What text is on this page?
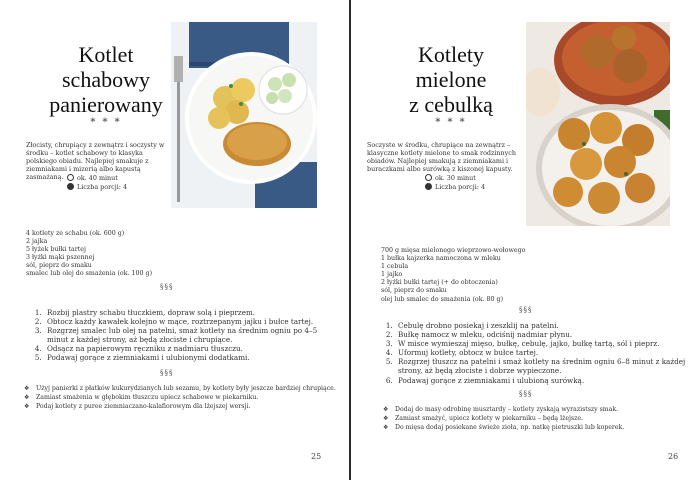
Kotlet
schabowy
panierowany
* * *
Złocisty, chrupiący z zewnątrz i soczysty w środku – kotlet schabowy to klasyka polskiego obiadu. Najlepiej smakuje z ziemniakami i mizerią albo kapustą zasmażaną.	ok. 40 minut
Liczba porcji: 4
4 kotlety ze schabu (ok. 600 g)
2 jajka
5 łyżek bułki tartej
3 łyżki mąki pszennej
sól, pieprz do smaku
smalec lub olej do smażenia (ok. 100 g)
§§§
1. Rozbij plastry schabu tłuczkiem, dopraw solą i pieprzem.
2. Obtocz każdy kawałek kolejno w mące, roztrzepanym jajku i bułce tartej.
3. Rozgrzej smalec lub olej na patelni, smaż kotlety na średnim ogniu po 4–5 minut z każdej strony, aż będą złociste i chrupiące.
4. Odsącz na papierowym ręczniku z nadmiaru tłuszczu.
5. Podawaj gorące z ziemniakami i ulubionymi dodatkami.
§§§
❖ Użyj panierki z płatków kukurydzianych lub sezamu, by kotlety były jeszcze bardziej chrupiące.
❖ Zamiast smażenia w głębokim tłuszczu upiecz schabowe w piekarniku.
❖ Podaj kotlety z puree ziemniaczano-kalafiorowym dla lżejszej wersji.
25
Kotlety
mielone
z cebulką
* * *
Soczyste w środku, chrupiące na zewnątrz – klasyczne kotlety mielone to smak rodzinnych obiadów. Najlepiej smakują z ziemniakami i buraczkami albo surówką z kiszonej kapusty.
ok. 30 minut
Liczba porcji: 4
700 g mięsa mielonego wieprzowo-wołowego
1 bułka kajzerka namoczona w mleku
1 cebula
1 jajko
2 łyżki bułki tartej (+ do obtoczenia)
sól, pieprz do smaku
olej lub smalec do smażenia (ok. 80 g)
§§§
1. Cebulę drobno posiekaj i zeszklij na patelni.
2. Bułkę namocz w mleku, odciśnij nadmiar płynu.
3. W misce wymieszaj mięso, bułkę, cebulę, jajko, bułkę tartą, sól i pieprz.
4. Uformuj kotlety, obtocz w bułce tartej.
5. Rozgrzej tłuszcz na patelni i smaż kotlety na średnim ogniu 6–8 minut z każdej strony, aż będą złociste i dobrze wypieczone.
6. Podawaj gorące z ziemniakami i ulubioną surówką.
§§§
❖ Dodaj do masy odrobinę musztardy – kotlety zyskają wyrazistszy smak.
❖ Zamiast smażyć, upiecz kotlety w piekarniku – będą lżejsze.
❖ Do mięsa dodaj posiekane świeże zioła, np. natkę pietruszki lub koperek.
26
